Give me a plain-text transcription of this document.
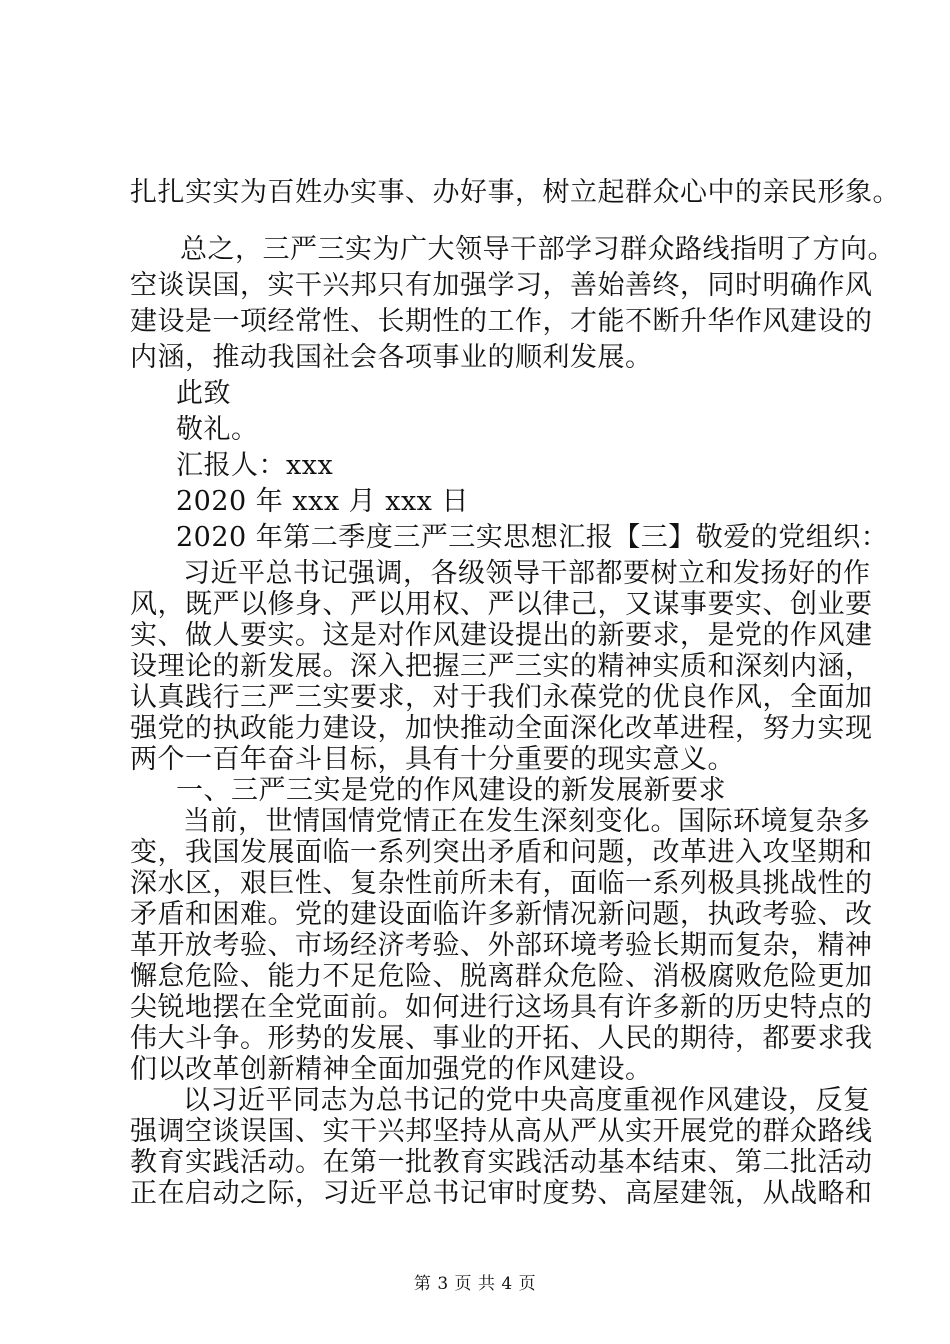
第 3 页 共 4 页
扎扎实实为百姓办实事、办好事，树立起群众心中的亲民形象。
总之，三严三实为广大领导干部学习群众路线指明了方向。
空谈误国，实干兴邦只有加强学习，善始善终，同时明确作风
建设是一项经常性、长期性的工作，才能不断升华作风建设的
内涵，推动我国社会各项事业的顺利发展。
此致
敬礼。
汇报人：xxx
2020 年 xxx 月 xxx 日
2020 年第二季度三严三实思想汇报【三】敬爱的党组织：
习近平总书记强调，各级领导干部都要树立和发扬好的作
风，既严以修身、严以用权、严以律己，又谋事要实、创业要
实、做人要实。这是对作风建设提出的新要求，是党的作风建
设理论的新发展。深入把握三严三实的精神实质和深刻内涵，
认真践行三严三实要求，对于我们永葆党的优良作风，全面加
强党的执政能力建设，加快推动全面深化改革进程，努力实现
两个一百年奋斗目标，具有十分重要的现实意义。
一、三严三实是党的作风建设的新发展新要求
当前，世情国情党情正在发生深刻变化。国际环境复杂多
变，我国发展面临一系列突出矛盾和问题，改革进入攻坚期和
深水区，艰巨性、复杂性前所未有，面临一系列极具挑战性的
矛盾和困难。党的建设面临许多新情况新问题，执政考验、改
革开放考验、市场经济考验、外部环境考验长期而复杂，精神
懈怠危险、能力不足危险、脱离群众危险、消极腐败危险更加
尖锐地摆在全党面前。如何进行这场具有许多新的历史特点的
伟大斗争。形势的发展、事业的开拓、人民的期待，都要求我
们以改革创新精神全面加强党的作风建设。
以习近平同志为总书记的党中央高度重视作风建设，反复
强调空谈误国、实干兴邦坚持从高从严从实开展党的群众路线
教育实践活动。在第一批教育实践活动基本结束、第二批活动
正在启动之际，习近平总书记审时度势、高屋建瓴，从战略和
